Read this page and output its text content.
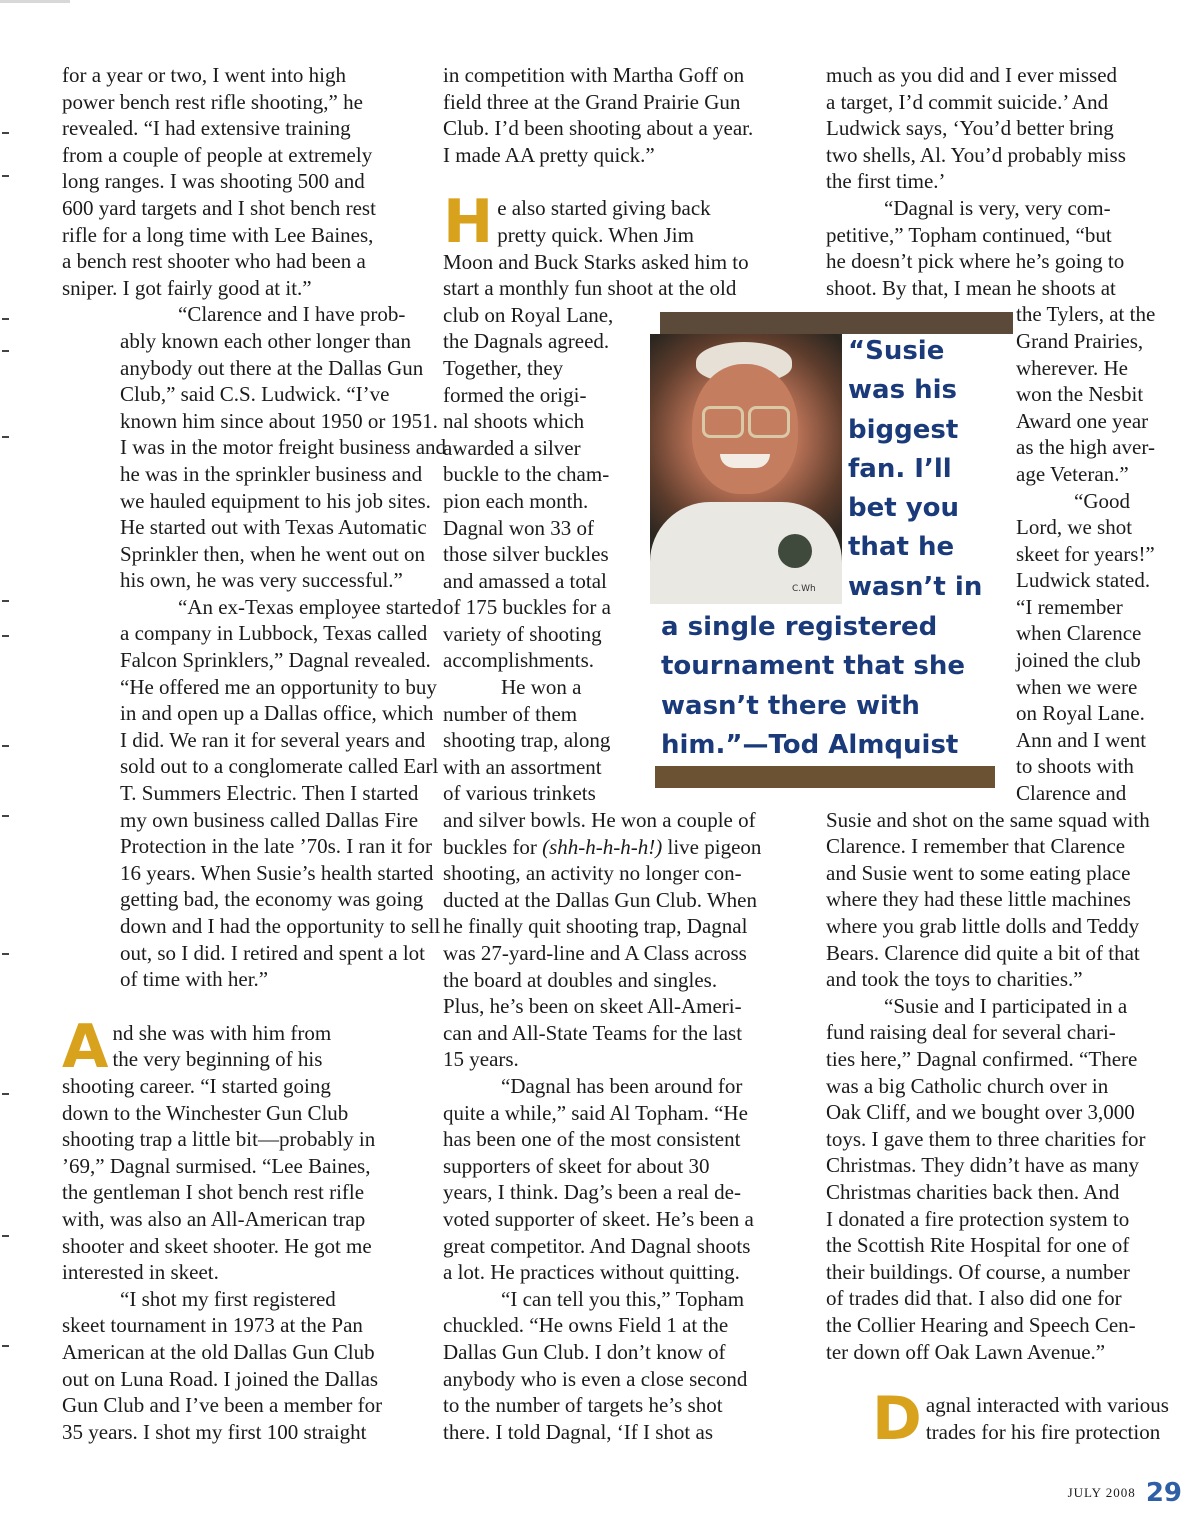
for a year or two, I went into high
power bench rest rifle shooting,” he
revealed. “I had extensive training
from a couple of people at extremely
long ranges. I was shooting 500 and
600 yard targets and I shot bench rest
rifle for a long time with Lee Baines,
a bench rest shooter who had been a
sniper. I got fairly good at it.”

“Clarence and I have prob-
ably known each other longer than
anybody out there at the Dallas Gun
Club,” said C.S. Ludwick. “I’ve
known him since about 1950 or 1951.
I was in the motor freight business and
he was in the sprinkler business and
we hauled equipment to his job sites.
He started out with Texas Automatic
Sprinkler then, when he went out on
his own, he was very successful.”

“An ex-Texas employee started
a company in Lubbock, Texas called
Falcon Sprinklers,” Dagnal revealed.
“He offered me an opportunity to buy
in and open up a Dallas office, which
I did. We ran it for several years and
sold out to a conglomerate called Earl
T. Summers Electric. Then I started
my own business called Dallas Fire
Protection in the late ’70s. I ran it for
16 years. When Susie’s health started
getting bad, the economy was going
down and I had the opportunity to sell
out, so I did. I retired and spent a lot
of time with her.”

A nd she was with him from
the very beginning of his
shooting career. “I started going
down to the Winchester Gun Club
shooting trap a little bit—probably in
’69,” Dagnal surmised. “Lee Baines,
the gentleman I shot bench rest rifle
with, was also an All-American trap
shooter and skeet shooter. He got me
interested in skeet.

“I shot my first registered
skeet tournament in 1973 at the Pan
American at the old Dallas Gun Club
out on Luna Road. I joined the Dallas
Gun Club and I’ve been a member for
35 years. I shot my first 100 straight

in competition with Martha Goff on
field three at the Grand Prairie Gun
Club. I’d been shooting about a year.
I made AA pretty quick.”

H e also started giving back
pretty quick. When Jim
Moon and Buck Starks asked him to
start a monthly fun shoot at the old
club on Royal Lane,
the Dagnals agreed.
Together, they
formed the origi-
nal shoots which
awarded a silver
buckle to the cham-
pion each month.
Dagnal won 33 of
those silver buckles
and amassed a total
of 175 buckles for a
variety of shooting
accomplishments.

He won a
number of them
shooting trap, along
with an assortment
of various trinkets
and silver bowls. He won a couple of
buckles for (shh-h-h-h-h!) live pigeon
shooting, an activity no longer con-
ducted at the Dallas Gun Club. When
he finally quit shooting trap, Dagnal
was 27-yard-line and A Class across
the board at doubles and singles.
Plus, he’s been on skeet All-Ameri-
can and All-State Teams for the last
15 years.

“Dagnal has been around for
quite a while,” said Al Topham. “He
has been one of the most consistent
supporters of skeet for about 30
years, I think. Dag’s been a real de-
voted supporter of skeet. He’s been a
great competitor. And Dagnal shoots
a lot. He practices without quitting.

“I can tell you this,” Topham
chuckled. “He owns Field 1 at the
Dallas Gun Club. I don’t know of
anybody who is even a close second
to the number of targets he’s shot
there. I told Dagnal, ‘If I shot as

much as you did and I ever missed
a target, I’d commit suicide.’ And
Ludwick says, ‘You’d better bring
two shells, Al. You’d probably miss
the first time.’

“Dagnal is very, very com-
petitive,” Topham continued, “but
he doesn’t pick where he’s going to
shoot. By that, I mean he shoots at
the Tylers, at the
Grand Prairies,
wherever. He
won the Nesbit
Award one year
as the high aver-
age Veteran.”

“Good
Lord, we shot
skeet for years!”
Ludwick stated.
“I remember
when Clarence
joined the club
when we were
on Royal Lane.
Ann and I went
to shoots with
Clarence and
Susie and shot on the same squad with
Clarence. I remember that Clarence
and Susie went to some eating place
where they had these little machines
where you grab little dolls and Teddy
Bears. Clarence did quite a bit of that
and took the toys to charities.”

“Susie and I participated in a
fund raising deal for several chari-
ties here,” Dagnal confirmed. “There
was a big Catholic church over in
Oak Cliff, and we bought over 3,000
toys. I gave them to three charities for
Christmas. They didn’t have as many
Christmas charities back then. And
I donated a fire protection system to
the Scottish Rite Hospital for one of
their buildings. Of course, a number
of trades did that. I also did one for
the Collier Hearing and Speech Cen-
ter down off Oak Lawn Avenue.”

D agnal interacted with various
trades for his fire protection

C.Wh
“Susie
was his
biggest
fan. I’ll
bet you
that he
wasn’t in
a single registered
tournament that she
wasn’t there with
him.”—Tod Almquist
JULY 2008 29
